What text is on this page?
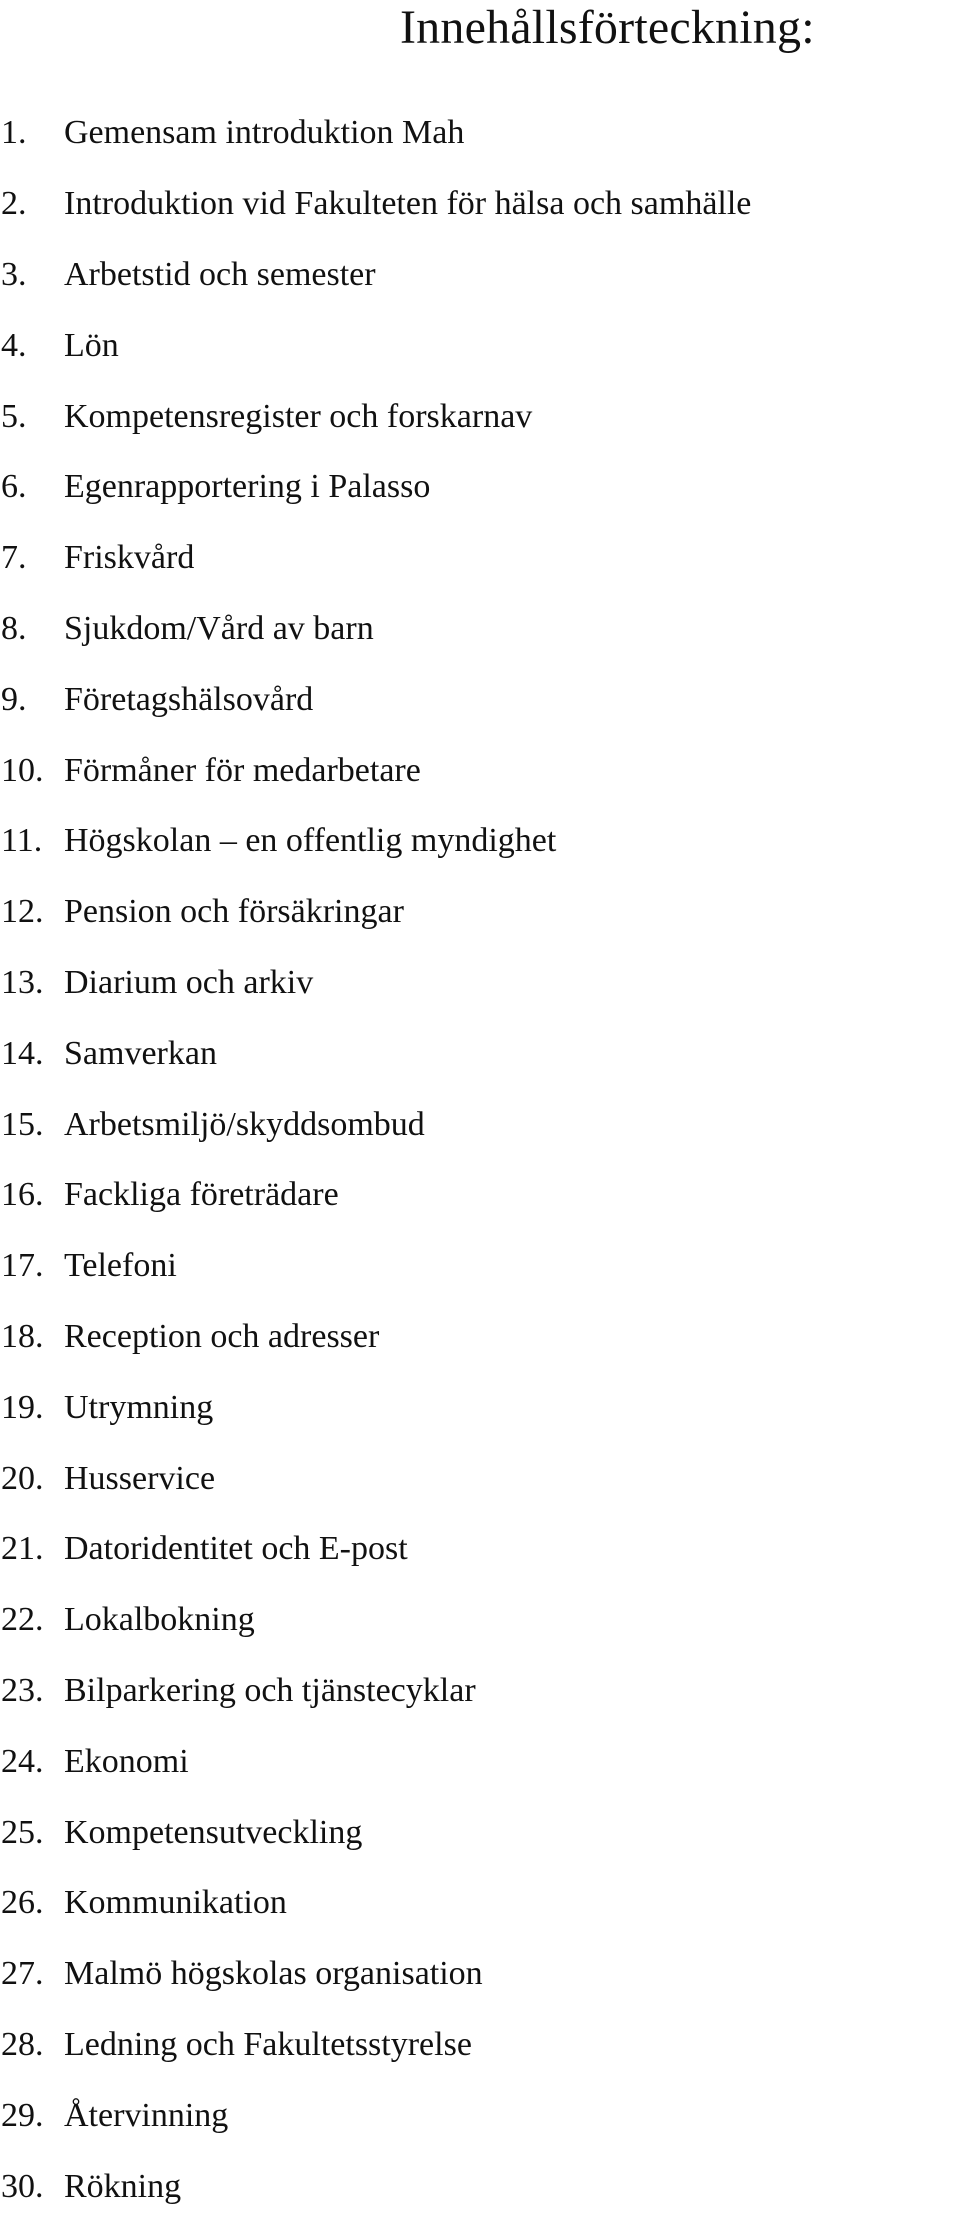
Innehållsförteckning:
1.	Gemensam introduktion Mah
2.	Introduktion vid Fakulteten för hälsa och samhälle
3.	Arbetstid och semester
4.	Lön
5.	Kompetensregister och forskarnav
6.	Egenrapportering i Palasso
7.	Friskvård
8.	Sjukdom/Vård av barn
9.	Företagshälsovård
10. Förmåner för medarbetare
11. Högskolan – en offentlig myndighet
12. Pension och försäkringar
13. Diarium och arkiv
14. Samverkan
15. Arbetsmiljö/skyddsombud
16. Fackliga företrädare
17. Telefoni
18. Reception och adresser
19. Utrymning
20. Husservice
21. Datoridentitet och E-post
22. Lokalbokning
23. Bilparkering och tjänstecyklar
24. Ekonomi
25. Kompetensutveckling
26. Kommunikation
27. Malmö högskolas organisation
28. Ledning och Fakultetsstyrelse
29. Återvinning
30. Rökning
